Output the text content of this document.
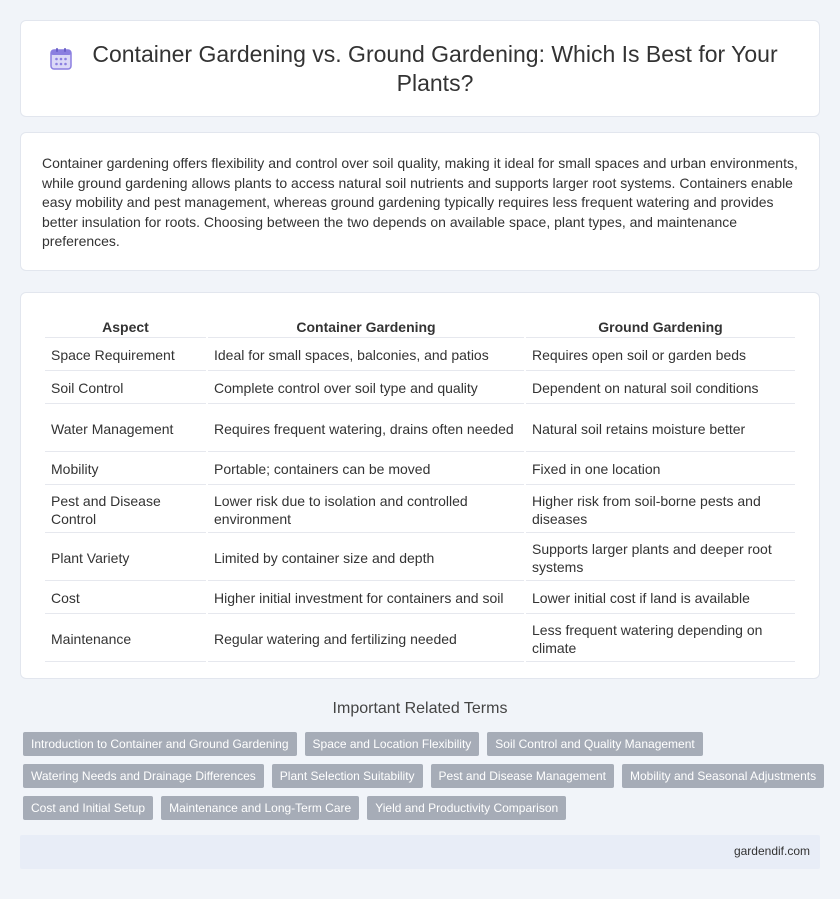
Container Gardening vs. Ground Gardening: Which Is Best for Your Plants?

Container gardening offers flexibility and control over soil quality, making it ideal for small spaces and urban environments, while ground gardening allows plants to access natural soil nutrients and supports larger root systems. Containers enable easy mobility and pest management, whereas ground gardening typically requires less frequent watering and provides better insulation for roots. Choosing between the two depends on available space, plant types, and maintenance preferences.

Aspect	Container Gardening	Ground Gardening
Space Requirement	Ideal for small spaces, balconies, and patios	Requires open soil or garden beds
Soil Control	Complete control over soil type and quality	Dependent on natural soil conditions
Water Management	Requires frequent watering, drains often needed	Natural soil retains moisture better
Mobility	Portable; containers can be moved	Fixed in one location
Pest and Disease Control	Lower risk due to isolation and controlled environment	Higher risk from soil-borne pests and diseases
Plant Variety	Limited by container size and depth	Supports larger plants and deeper root systems
Cost	Higher initial investment for containers and soil	Lower initial cost if land is available
Maintenance	Regular watering and fertilizing needed	Less frequent watering depending on climate
Important Related Terms
Introduction to Container and Ground Gardening	Space and Location Flexibility	Soil Control and Quality Management
Watering Needs and Drainage Differences	Plant Selection Suitability	Pest and Disease Management	Mobility and Seasonal Adjustments
Cost and Initial Setup	Maintenance and Long-Term Care	Yield and Productivity Comparison
gardendif.com
